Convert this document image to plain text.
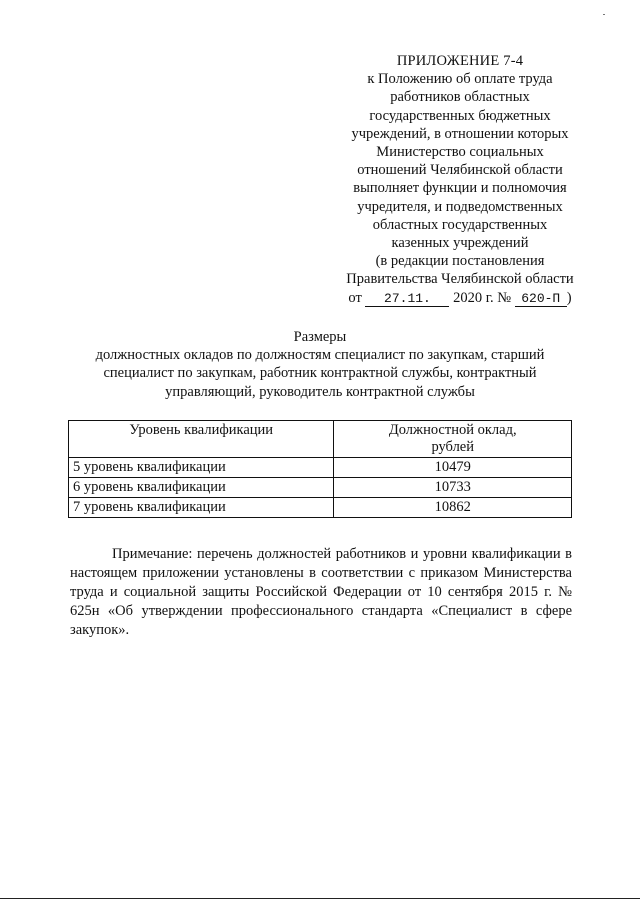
ПРИЛОЖЕНИЕ 7-4
к Положению об оплате труда
работников областных
государственных бюджетных
учреждений, в отношении которых
Министерство социальных
отношений Челябинской области
выполняет функции и полномочия
учредителя, и подведомственных
областных государственных
казенных учреждений
(в редакции постановления
Правительства Челябинской области
от 27.11. 2020 г. № 620-П )
Размеры
должностных окладов по должностям специалист по закупкам, старший
специалист по закупкам, работник контрактной службы, контрактный
управляющий, руководитель контрактной службы
Уровень квалификации	Должностной оклад,
рублей
5 уровень квалификации	10479
6 уровень квалификации	10733
7 уровень квалификации	10862

Примечание: перечень должностей работников и уровни квалификации в настоящем приложении установлены в соответствии с приказом Министерства труда и социальной защиты Российской Федерации от 10 сентября 2015 г. № 625н «Об утверждении профессионального стандарта «Специалист в сфере закупок».
